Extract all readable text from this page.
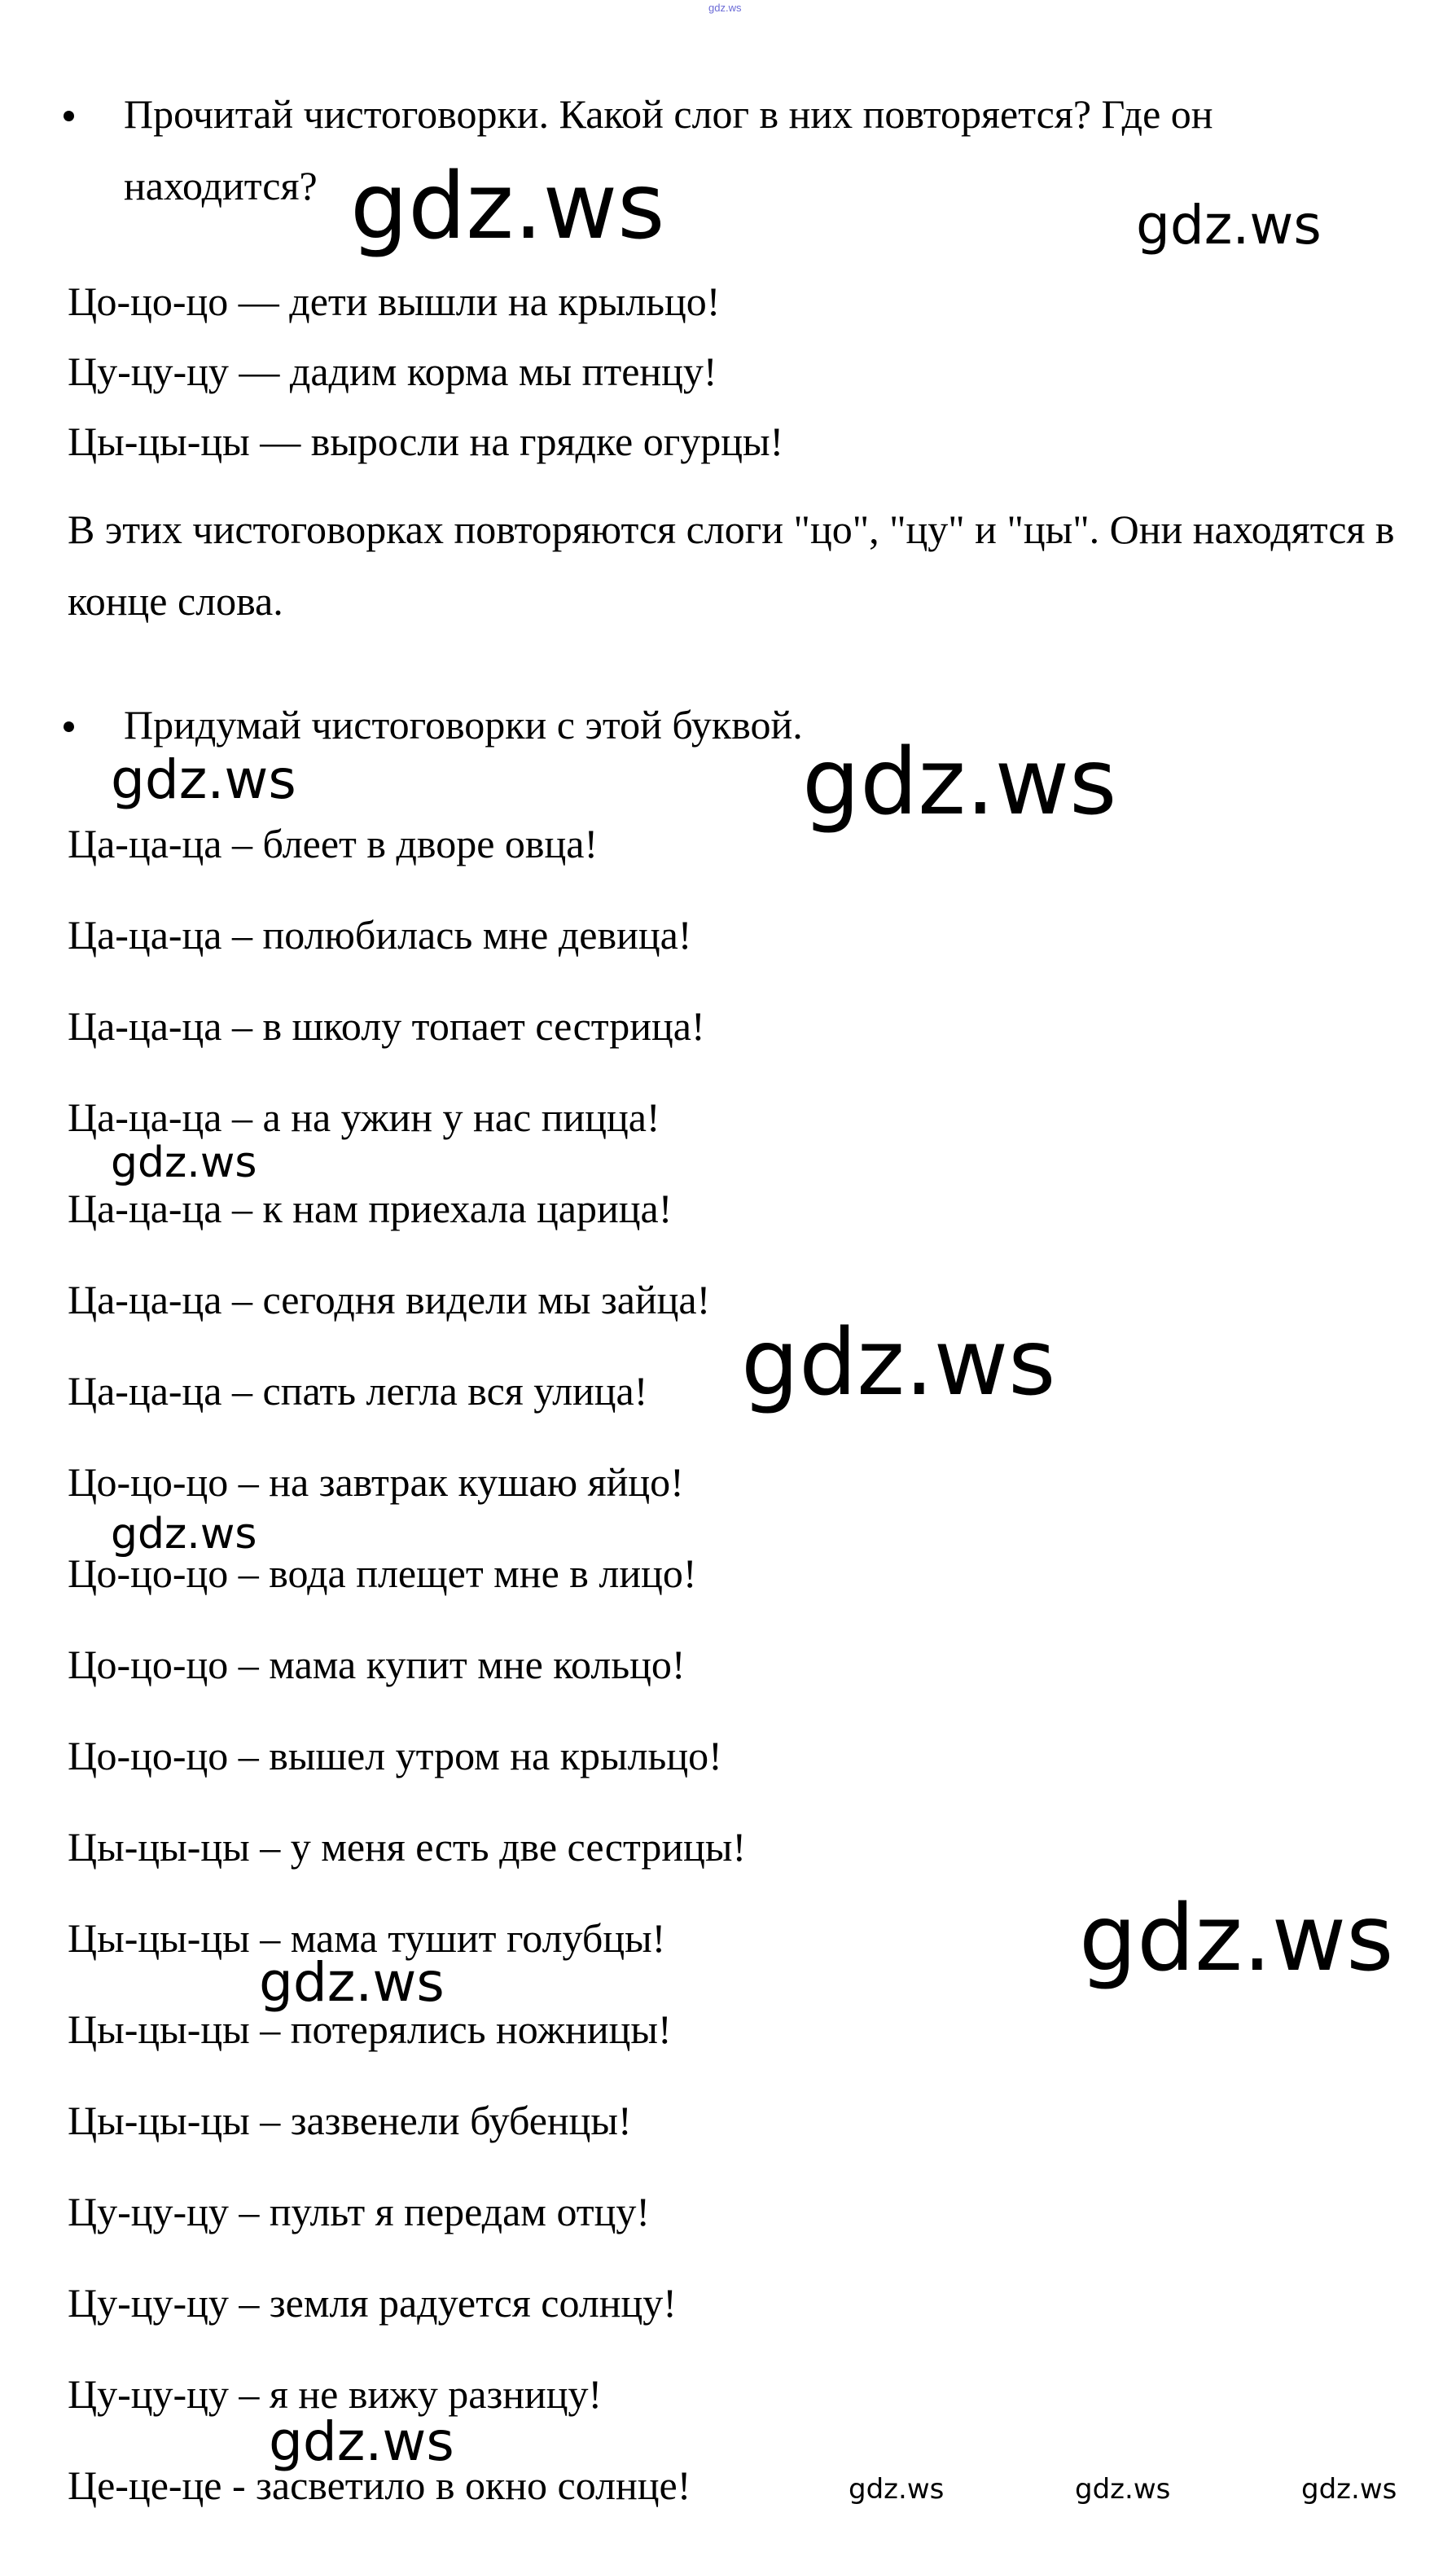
gdz.ws
Прочитай чистоговорки. Какой слог в них повторяется? Где он находится?
Цо-цо-цо — дети вышли на крыльцо!
Цу-цу-цу — дадим корма мы птенцу!
Цы-цы-цы — выросли на грядке огурцы!
В этих чистоговорках повторяются слоги "цо", "цу" и "цы". Они находятся в конце слова.
Придумай чистоговорки с этой буквой.
Ца-ца-ца – блеет в дворе овца!
Ца-ца-ца – полюбилась мне девица!
Ца-ца-ца – в школу топает сестрица!
Ца-ца-ца – а на ужин у нас пицца!
Ца-ца-ца – к нам приехала царица!
Ца-ца-ца – сегодня видели мы зайца!
Ца-ца-ца – спать легла вся улица!
Цо-цо-цо – на завтрак кушаю яйцо!
Цо-цо-цо – вода плещет мне в лицо!
Цо-цо-цо – мама купит мне кольцо!
Цо-цо-цо – вышел утром на крыльцо!
Цы-цы-цы – у меня есть две сестрицы!
Цы-цы-цы – мама тушит голубцы!
Цы-цы-цы – потерялись ножницы!
Цы-цы-цы – зазвенели бубенцы!
Цу-цу-цу – пульт я передам отцу!
Цу-цу-цу – земля радуется солнцу!
Цу-цу-цу – я не вижу разницу!
Це-це-це - засветило в окно солнце!
gdz.ws	gdz.ws
gdz.ws	gdz.ws
gdz.ws
gdz.ws
gdz.ws
gdz.ws
gdz.ws
gdz.ws
gdz.ws	gdz.ws	gdz.ws
